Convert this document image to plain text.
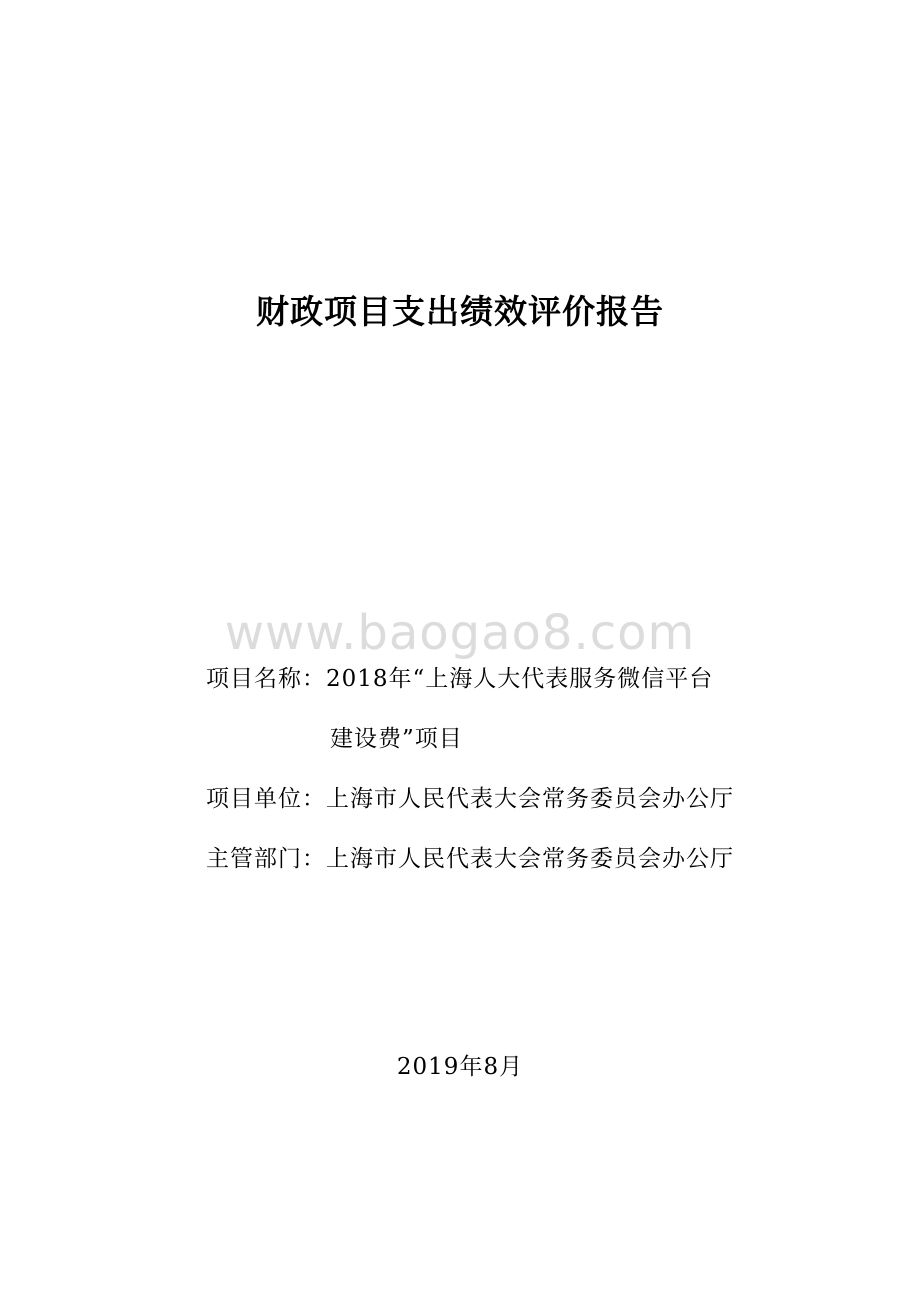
财政项目支出绩效评价报告
www.baogao8.com
项目名称：2018年“上海人大代表服务微信平台
建设费”项目
项目单位：上海市人民代表大会常务委员会办公厅
主管部门：上海市人民代表大会常务委员会办公厅
2019年8月
